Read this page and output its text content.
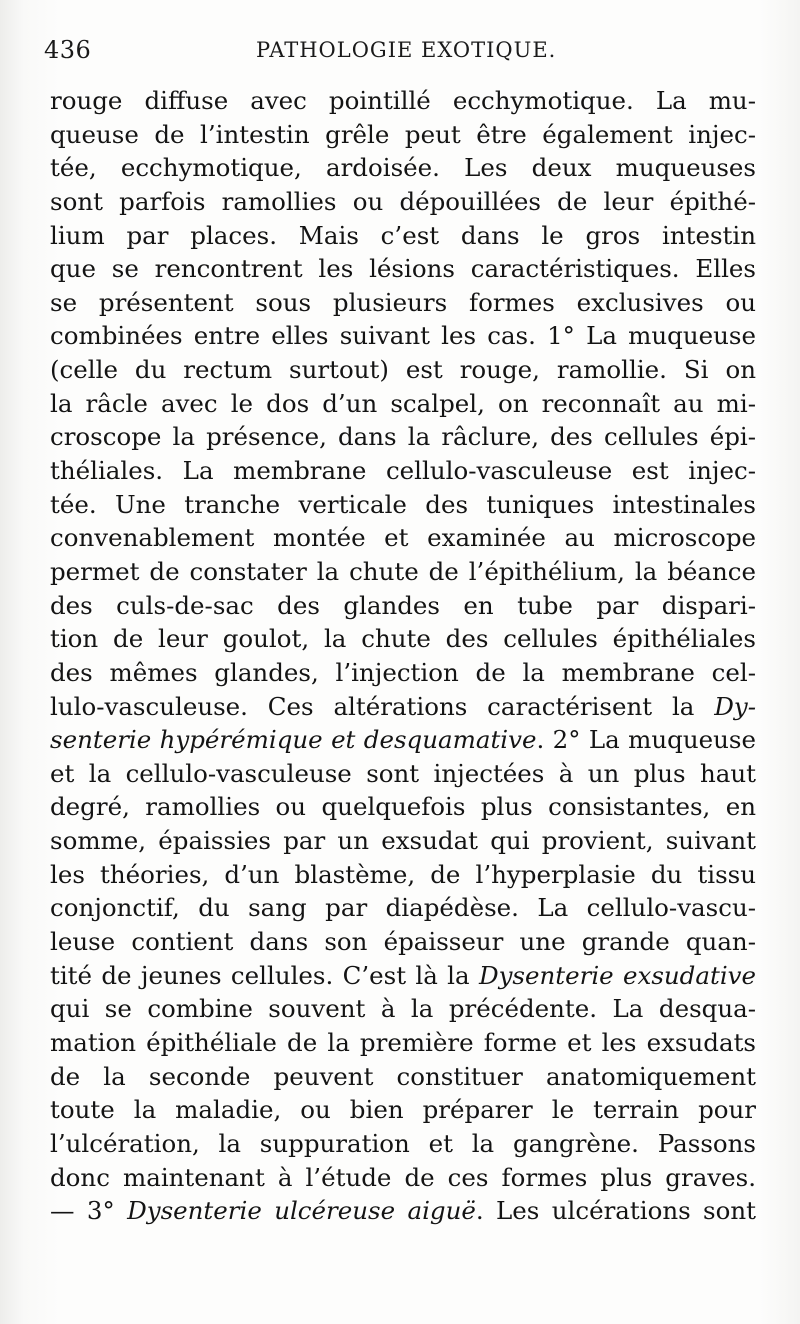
436	PATHOLOGIE EXOTIQUE.
rouge diffuse avec pointillé ecchymotique. La mu-
queuse de l’intestin grêle peut être également injec-
tée, ecchymotique, ardoisée. Les deux muqueuses
sont parfois ramollies ou dépouillées de leur épithé-
lium par places. Mais c’est dans le gros intestin
que se rencontrent les lésions caractéristiques. Elles
se présentent sous plusieurs formes exclusives ou
combinées entre elles suivant les cas. 1° La muqueuse
(celle du rectum surtout) est rouge, ramollie. Si on
la râcle avec le dos d’un scalpel, on reconnaît au mi-
croscope la présence, dans la râclure, des cellules épi-
théliales. La membrane cellulo-vasculeuse est injec-
tée. Une tranche verticale des tuniques intestinales
convenablement montée et examinée au microscope
permet de constater la chute de l’épithélium, la béance
des culs-de-sac des glandes en tube par dispari-
tion de leur goulot, la chute des cellules épithéliales
des mêmes glandes, l’injection de la membrane cel-
lulo-vasculeuse. Ces altérations caractérisent la Dy-
senterie hypérémique et desquamative. 2° La muqueuse
et la cellulo-vasculeuse sont injectées à un plus haut
degré, ramollies ou quelquefois plus consistantes, en
somme, épaissies par un exsudat qui provient, suivant
les théories, d’un blastème, de l’hyperplasie du tissu
conjonctif, du sang par diapédèse. La cellulo-vascu-
leuse contient dans son épaisseur une grande quan-
tité de jeunes cellules. C’est là la Dysenterie exsudative
qui se combine souvent à la précédente. La desqua-
mation épithéliale de la première forme et les exsudats
de la seconde peuvent constituer anatomiquement
toute la maladie, ou bien préparer le terrain pour
l’ulcération, la suppuration et la gangrène. Passons
donc maintenant à l’étude de ces formes plus graves.
— 3° Dysenterie ulcéreuse aiguë. Les ulcérations sont
